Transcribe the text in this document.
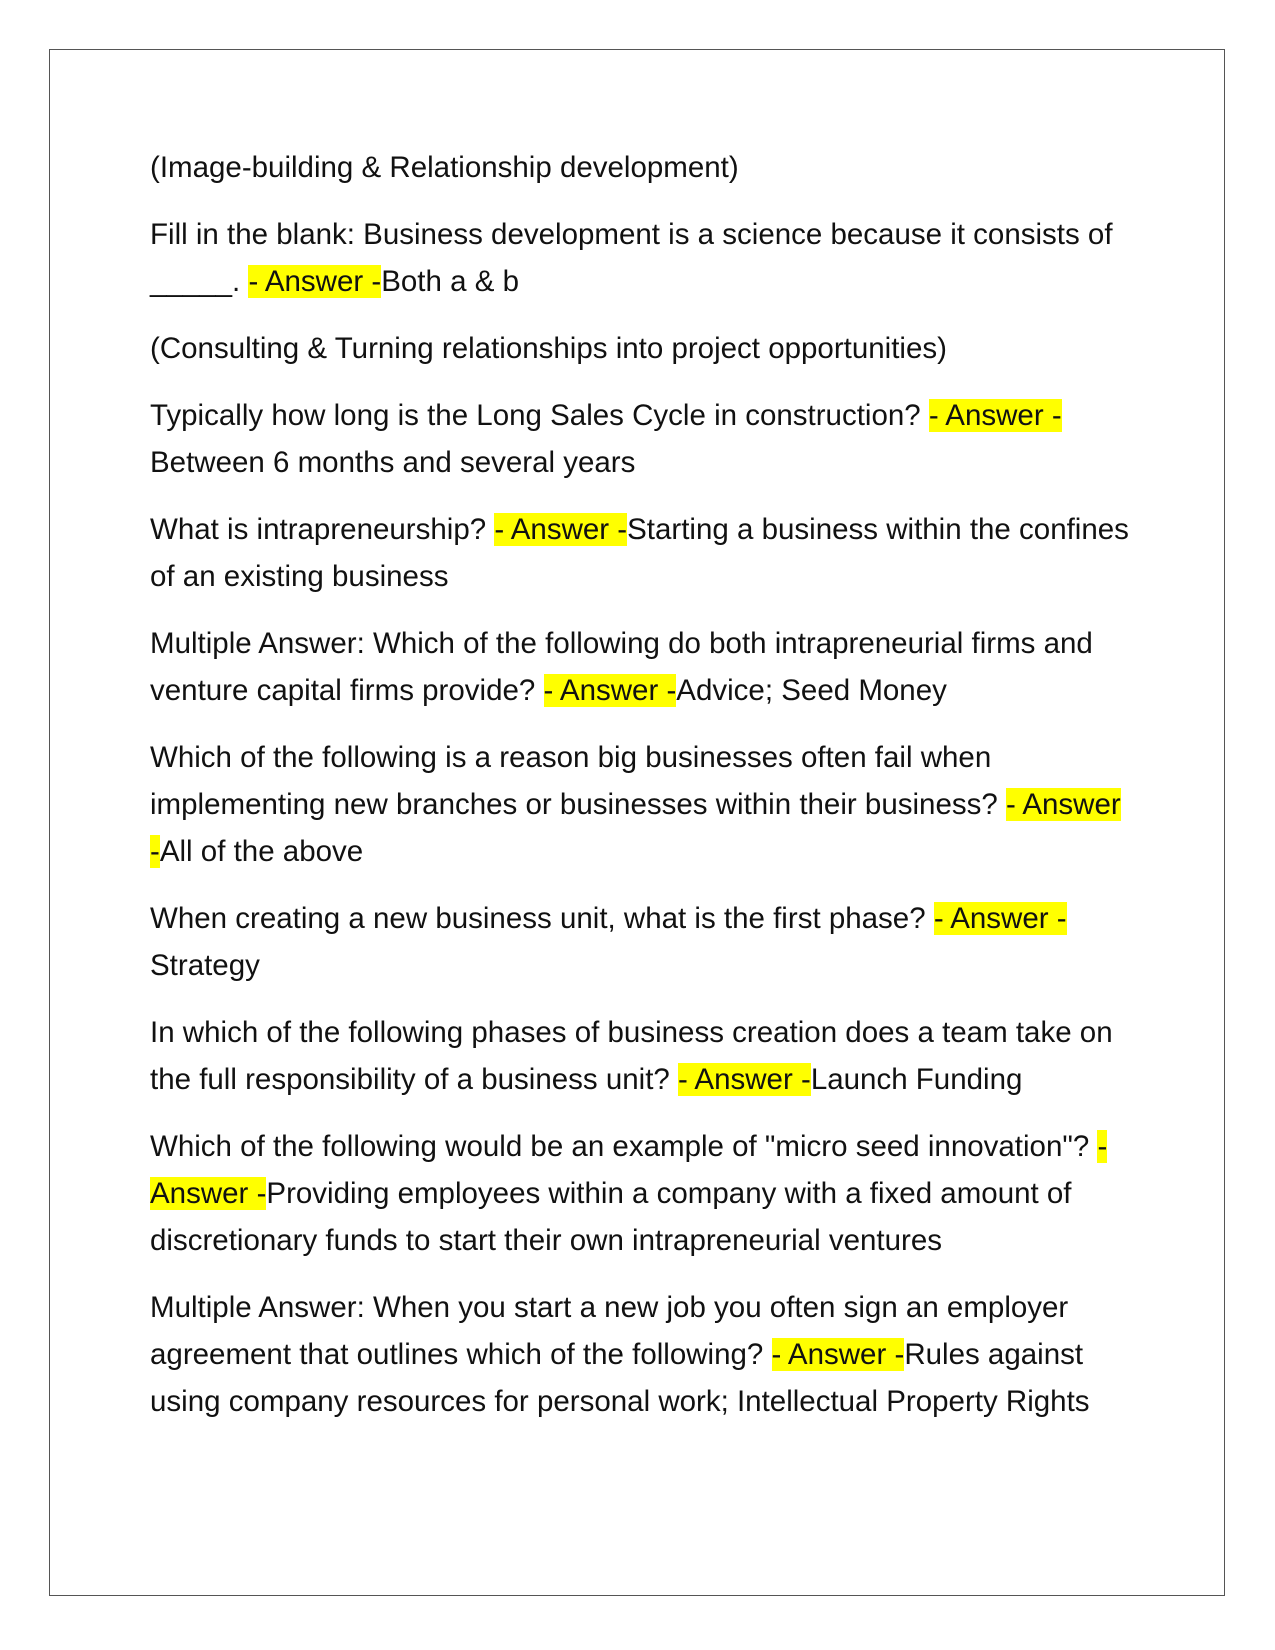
(Image-building & Relationship development)

Fill in the blank: Business development is a science because it consists of _____. - Answer -Both a & b

(Consulting & Turning relationships into project opportunities)

Typically how long is the Long Sales Cycle in construction? - Answer - Between 6 months and several years

What is intrapreneurship? - Answer -Starting a business within the confines of an existing business

Multiple Answer: Which of the following do both intrapreneurial firms and venture capital firms provide? - Answer -Advice; Seed Money

Which of the following is a reason big businesses often fail when implementing new branches or businesses within their business? - Answer -All of the above

When creating a new business unit, what is the first phase? - Answer - Strategy

In which of the following phases of business creation does a team take on the full responsibility of a business unit? - Answer -Launch Funding

Which of the following would be an example of "micro seed innovation"? - Answer -Providing employees within a company with a fixed amount of discretionary funds to start their own intrapreneurial ventures

Multiple Answer: When you start a new job you often sign an employer agreement that outlines which of the following? - Answer -Rules against using company resources for personal work; Intellectual Property Rights
